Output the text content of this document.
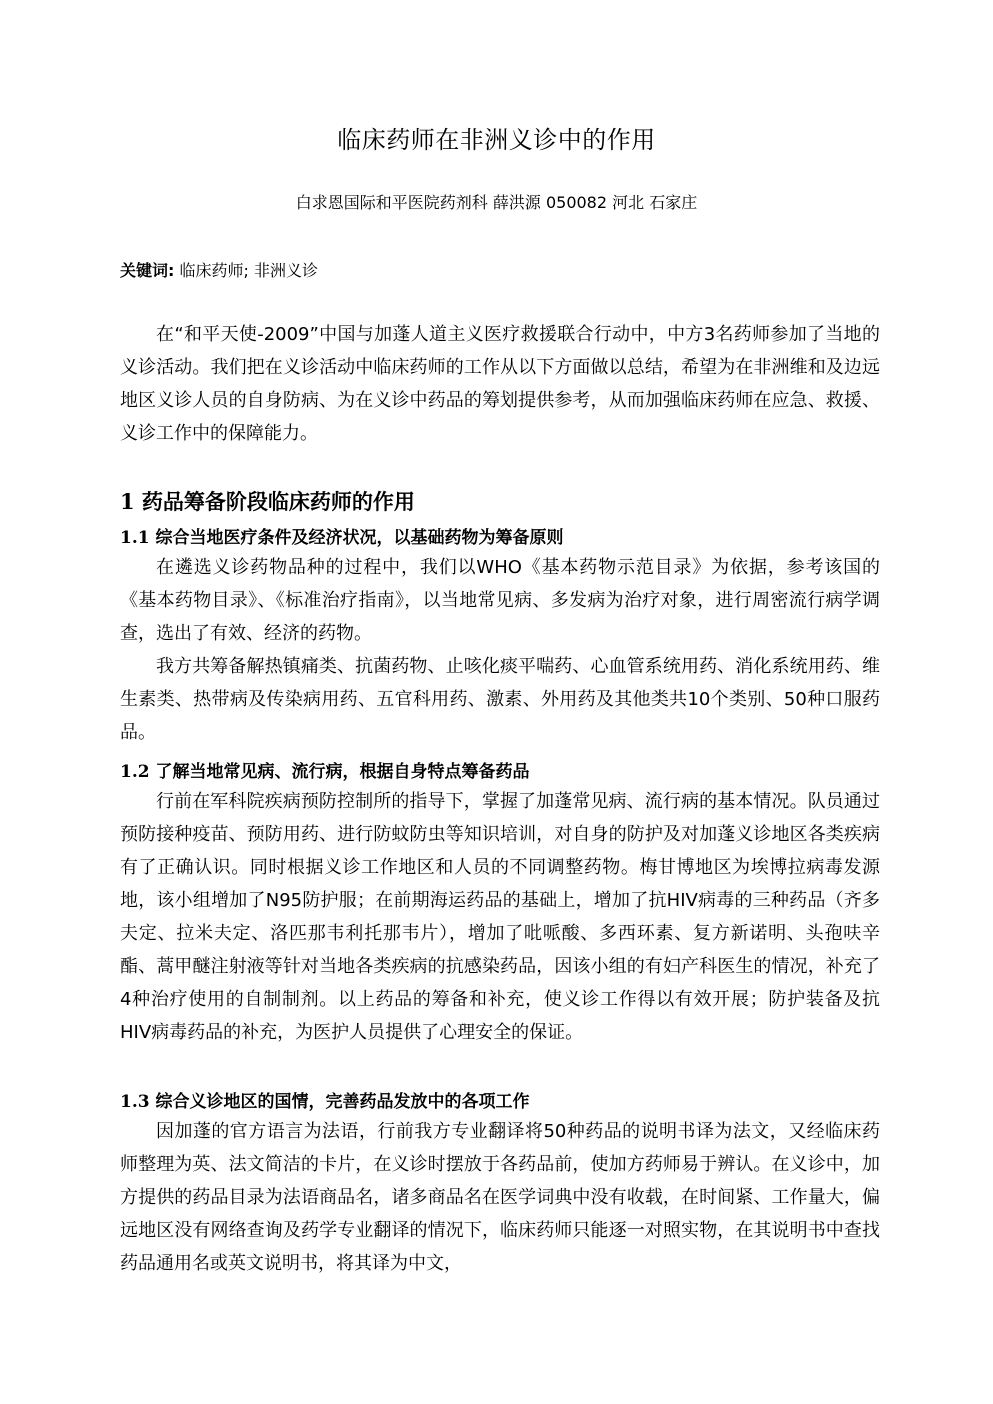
临床药师在非洲义诊中的作用
白求恩国际和平医院药剂科 薛洪源 050082 河北 石家庄
关键词: 临床药师; 非洲义诊
在“和平天使-2009”中国与加蓬人道主义医疗救援联合行动中，中方3名药师参加了当地的义诊活动。我们把在义诊活动中临床药师的工作从以下方面做以总结，希望为在非洲维和及边远地区义诊人员的自身防病、为在义诊中药品的筹划提供参考，从而加强临床药师在应急、救援、义诊工作中的保障能力。
1 药品筹备阶段临床药师的作用
1.1 综合当地医疗条件及经济状况，以基础药物为筹备原则
在遴选义诊药物品种的过程中，我们以WHO《基本药物示范目录》为依据，参考该国的《基本药物目录》、《标准治疗指南》，以当地常见病、多发病为治疗对象，进行周密流行病学调查，选出了有效、经济的药物。
我方共筹备解热镇痛类、抗菌药物、止咳化痰平喘药、心血管系统用药、消化系统用药、维生素类、热带病及传染病用药、五官科用药、激素、外用药及其他类共10个类别、50种口服药品。
1.2 了解当地常见病、流行病，根据自身特点筹备药品
行前在军科院疾病预防控制所的指导下，掌握了加蓬常见病、流行病的基本情况。队员通过预防接种疫苗、预防用药、进行防蚊防虫等知识培训，对自身的防护及对加蓬义诊地区各类疾病有了正确认识。同时根据义诊工作地区和人员的不同调整药物。梅甘博地区为埃博拉病毒发源地，该小组增加了N95防护服；在前期海运药品的基础上，增加了抗HIV病毒的三种药品（齐多夫定、拉米夫定、洛匹那韦利托那韦片），增加了吡哌酸、多西环素、复方新诺明、头孢呋辛酯、蒿甲醚注射液等针对当地各类疾病的抗感染药品，因该小组的有妇产科医生的情况，补充了4种治疗使用的自制制剂。以上药品的筹备和补充，使义诊工作得以有效开展；防护装备及抗HIV病毒药品的补充，为医护人员提供了心理安全的保证。
1.3 综合义诊地区的国情，完善药品发放中的各项工作
因加蓬的官方语言为法语，行前我方专业翻译将50种药品的说明书译为法文，又经临床药师整理为英、法文简洁的卡片，在义诊时摆放于各药品前，使加方药师易于辨认。在义诊中，加方提供的药品目录为法语商品名，诸多商品名在医学词典中没有收载，在时间紧、工作量大，偏远地区没有网络查询及药学专业翻译的情况下，临床药师只能逐一对照实物，在其说明书中查找药品通用名或英文说明书，将其译为中文，
